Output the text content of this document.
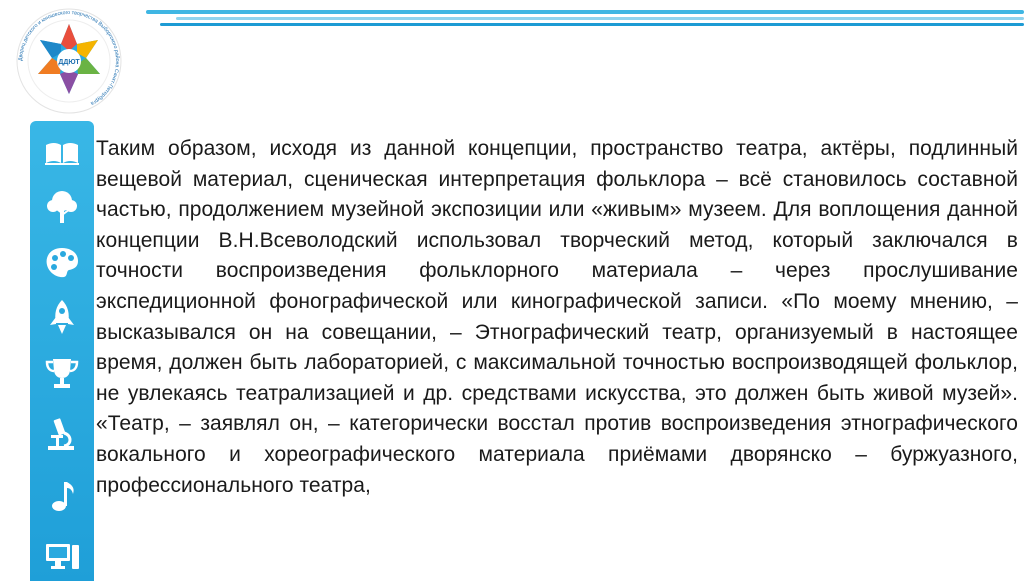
ДДЮТ
Дворец детского и юношеского творчества Выборгского района Санкт-Петербурга

Таким образом, исходя из данной концепции, пространство театра, актёры, подлинный вещевой материал, сценическая интерпретация фольклора – всё становилось составной частью, продолжением музейной экспозиции или «живым» музеем. Для воплощения данной концепции В.Н.Всеволодский использовал творческий метод, который заключался в точности воспроизведения фольклорного материала – через прослушивание экспедиционной фонографической или кинографической записи. «По моему мнению, – высказывался он на совещании, – Этнографический театр, организуемый в настоящее время, должен быть лабораторией, с максимальной точностью воспроизводящей фольклор, не увлекаясь театрализацией и др. средствами искусства, это должен быть живой музей». «Театр, – заявлял он, – категорически восстал против воспроизведения этнографического вокального и хореографического материала приёмами дворянско – буржуазного, профессионального театра,
